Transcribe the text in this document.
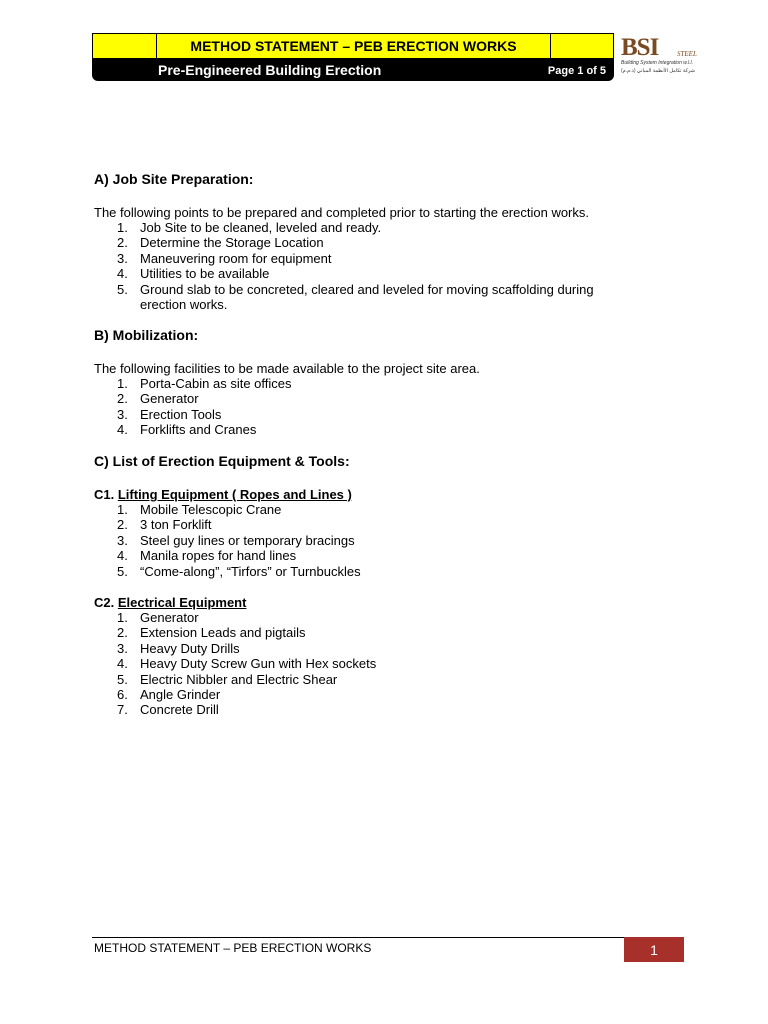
METHOD STATEMENT – PEB ERECTION WORKS
Pre-Engineered Building Erection	Page 1 of 5
BSI	STEEL
Building System Integration w.l.l.
شركة تكامل الأنظمة المباني (ذ.م.م)
A) Job Site Preparation:

The following points to be prepared and completed prior to starting the erection works.

1. Job Site to be cleaned, leveled and ready.
2. Determine the Storage Location
3. Maneuvering room for equipment
4. Utilities to be available
5. Ground slab to be concreted, cleared and leveled for moving scaffolding during erection works.
B) Mobilization:

The following facilities to be made available to the project site area.

1. Porta-Cabin as site offices
2. Generator
3. Erection Tools
4. Forklifts and Cranes
C) List of Erection Equipment & Tools:

C1. Lifting Equipment ( Ropes and Lines )

1. Mobile Telescopic Crane
2. 3 ton Forklift
3. Steel guy lines or temporary bracings
4. Manila ropes for hand lines
5. “Come-along”, “Tirfors” or Turnbuckles

C2. Electrical Equipment

1. Generator
2. Extension Leads and pigtails
3. Heavy Duty Drills
4. Heavy Duty Screw Gun with Hex sockets
5. Electric Nibbler and Electric Shear
6. Angle Grinder
7. Concrete Drill
METHOD STATEMENT – PEB ERECTION WORKS	1
